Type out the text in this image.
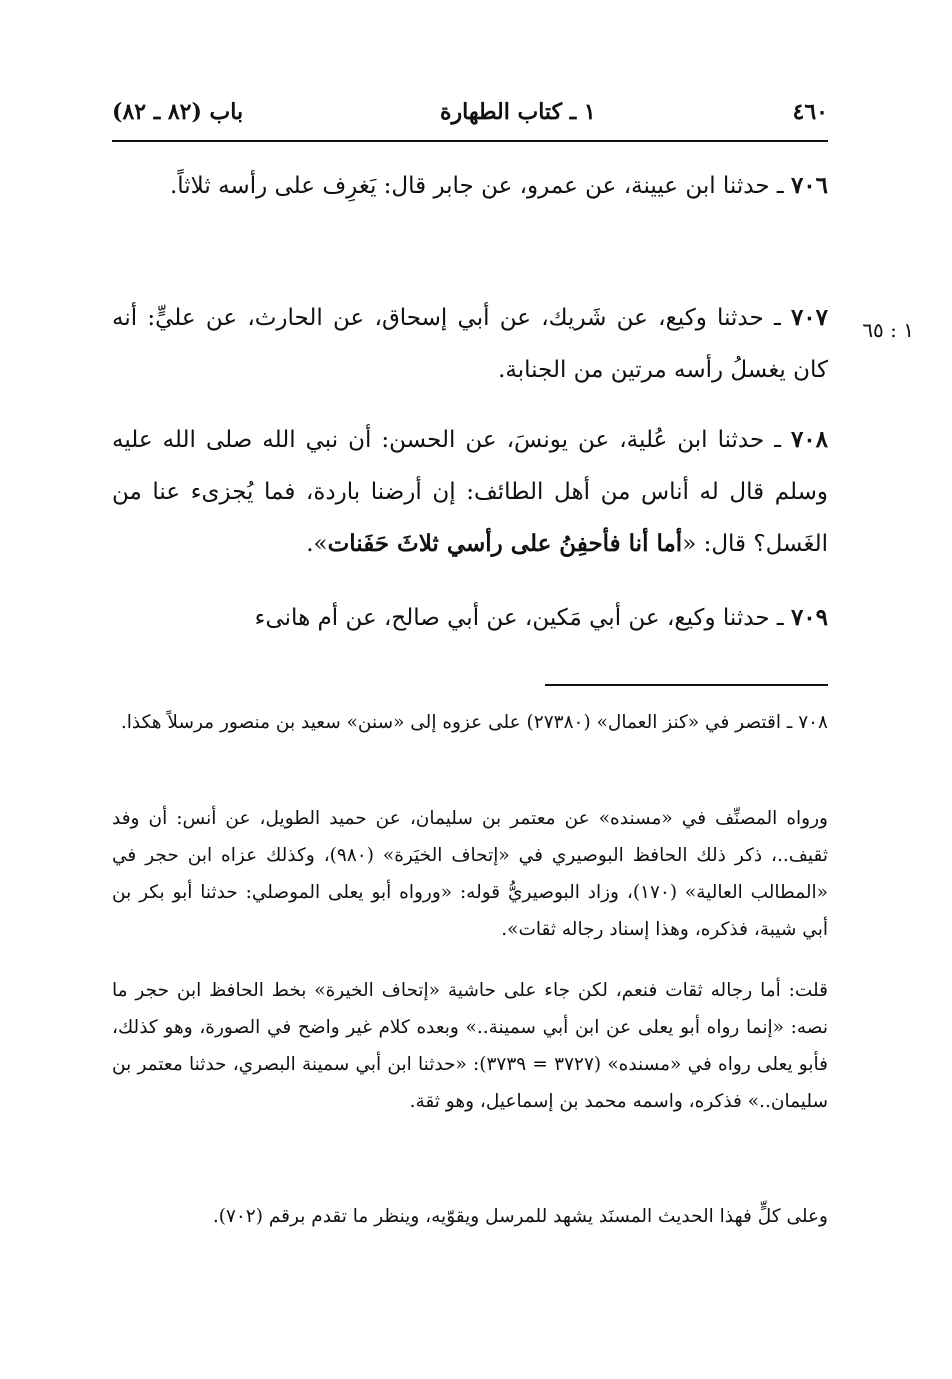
٤٦٠
١ ـ كتاب الطهارة
باب (٨٢ ـ ٨٢)

٧٠٦ ـ حدثنا ابن عيينة، عن عمرو، عن جابر قال: يَغرِف على رأسه ثلاثاً.

١ : ٦٥

٧٠٧ ـ حدثنا وكيع، عن شَريك، عن أبي إسحاق، عن الحارث، عن عليٍّ: أنه كان يغسلُ رأسه مرتين من الجنابة.

٧٠٨ ـ حدثنا ابن عُلية، عن يونسَ، عن الحسن: أن نبي الله صلى الله عليه وسلم قال له أناس من أهل الطائف: إن أرضنا باردة، فما يُجزىء عنا من الغَسل؟ قال: «أما أنا فأحفِنُ على رأسي ثلاثَ حَفَنات».

٧٠٩ ـ حدثنا وكيع، عن أبي مَكين، عن أبي صالح، عن أم هانىء

٧٠٨ ـ اقتصر في «كنز العمال» (٢٧٣٨٠) على عزوه إلى «سنن» سعيد بن منصور مرسلاً هكذا.

ورواه المصنِّف في «مسنده» عن معتمر بن سليمان، عن حميد الطويل، عن أنس: أن وفد ثقيف..، ذكر ذلك الحافظ البوصيري في «إتحاف الخيَرة» (٩٨٠)، وكذلك عزاه ابن حجر في «المطالب العالية» (١٧٠)، وزاد البوصيريُّ قوله: «ورواه أبو يعلى الموصلي: حدثنا أبو بكر بن أبي شيبة، فذكره، وهذا إسناد رجاله ثقات».

قلت: أما رجاله ثقات فنعم، لكن جاء على حاشية «إتحاف الخيرة» بخط الحافظ ابن حجر ما نصه: «إنما رواه أبو يعلى عن ابن أبي سمينة..» وبعده كلام غير واضح في الصورة، وهو كذلك، فأبو يعلى رواه في «مسنده» (٣٧٢٧ = ٣٧٣٩): «حدثنا ابن أبي سمينة البصري، حدثنا معتمر بن سليمان..» فذكره، واسمه محمد بن إسماعيل، وهو ثقة.

وعلى كلٍّ فهذا الحديث المسنَد يشهد للمرسل ويقوّيه، وينظر ما تقدم برقم (٧٠٢).
